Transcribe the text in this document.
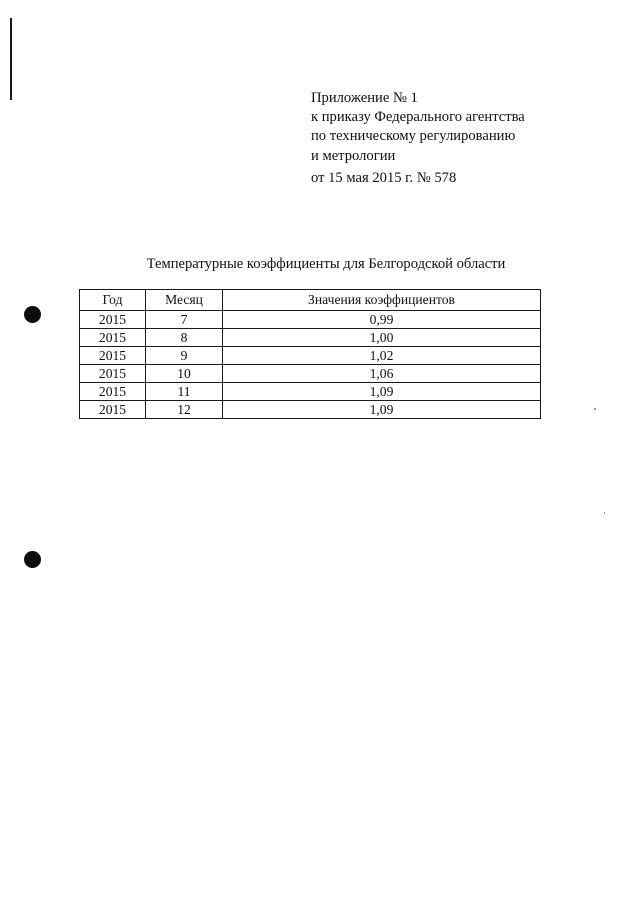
Приложение № 1
к приказу Федерального агентства
по техническому регулированию
и метрологии
от 15 мая 2015 г. № 578
Температурные коэффициенты для Белгородской области
Год	Месяц	Значения коэффициентов
2015	7	0,99
2015	8	1,00
2015	9	1,02
2015	10	1,06
2015	11	1,09
2015	12	1,09
